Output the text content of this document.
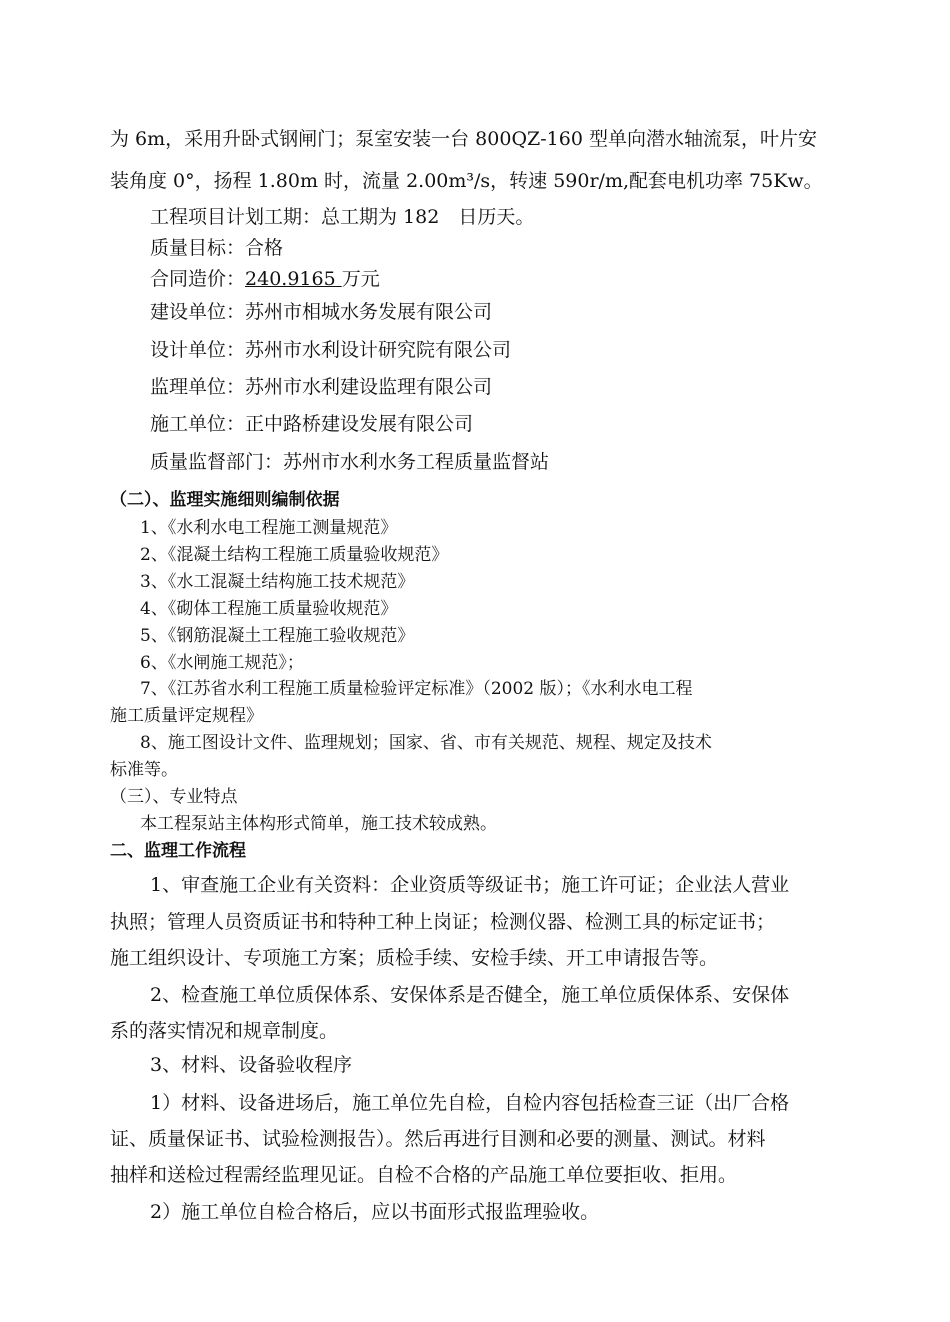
为 6m，采用升卧式钢闸门；泵室安装一台 800QZ-160 型单向潜水轴流泵，叶片安
装角度 0°，扬程 1.80m 时，流量 2.00m³/s，转速 590r/m,配套电机功率 75Kw。
工程项目计划工期：总工期为 182　日历天。
质量目标：合格
合同造价：240.9165 万元
建设单位：苏州市相城水务发展有限公司
设计单位：苏州市水利设计研究院有限公司
监理单位：苏州市水利建设监理有限公司
施工单位：正中路桥建设发展有限公司
质量监督部门：苏州市水利水务工程质量监督站
（二）、监理实施细则编制依据
1、《水利水电工程施工测量规范》
2、《混凝土结构工程施工质量验收规范》
3、《水工混凝土结构施工技术规范》
4、《砌体工程施工质量验收规范》
5、《钢筋混凝土工程施工验收规范》
6、《水闸施工规范》；
7、《江苏省水利工程施工质量检验评定标准》（2002 版）；《水利水电工程
施工质量评定规程》
8、施工图设计文件、监理规划；国家、省、市有关规范、规程、规定及技术
标准等。
（三）、专业特点
本工程泵站主体构形式简单，施工技术较成熟。
二、监理工作流程
1、审查施工企业有关资料：企业资质等级证书；施工许可证；企业法人营业
执照；管理人员资质证书和特种工种上岗证；检测仪器、检测工具的标定证书；
施工组织设计、专项施工方案；质检手续、安检手续、开工申请报告等。
2、检查施工单位质保体系、安保体系是否健全，施工单位质保体系、安保体
系的落实情况和规章制度。
3、材料、设备验收程序
1）材料、设备进场后，施工单位先自检，自检内容包括检查三证（出厂合格
证、质量保证书、试验检测报告）。然后再进行目测和必要的测量、测试。材料
抽样和送检过程需经监理见证。自检不合格的产品施工单位要拒收、拒用。
2）施工单位自检合格后，应以书面形式报监理验收。
